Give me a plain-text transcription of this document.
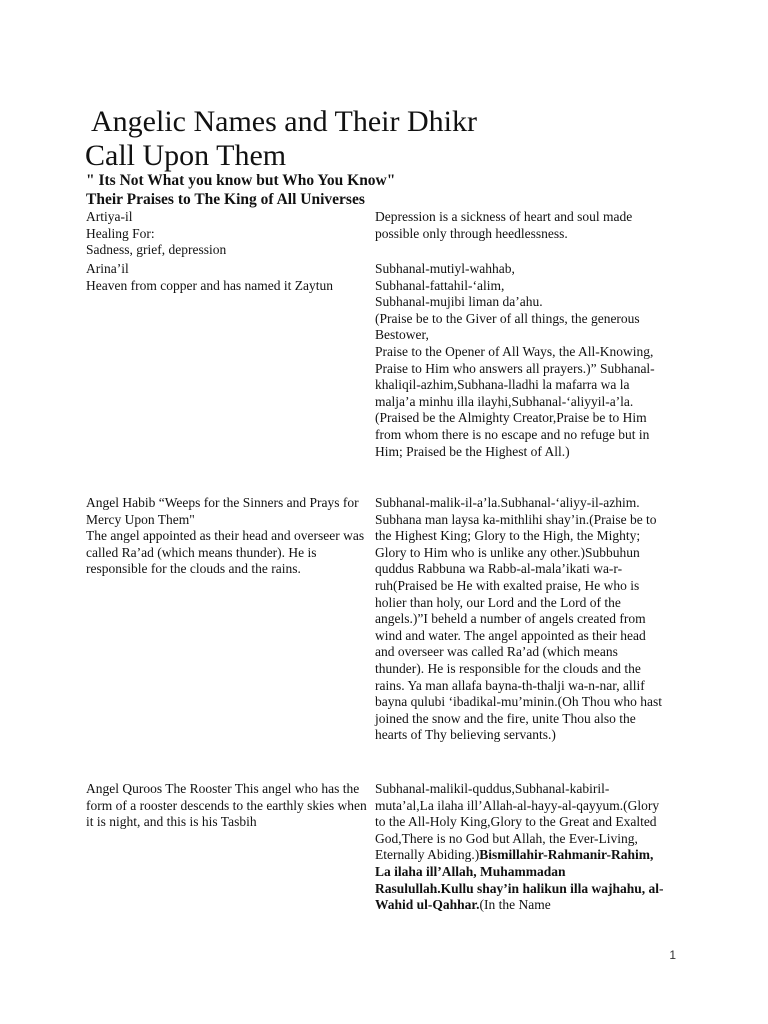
Angelic Names and Their Dhikr
Call Upon Them
" Its Not What you know but Who You Know"
Their Praises to The King of All Universes

Artiya-il

Healing For:

Sadness, grief, depression

Depression is a sickness of heart and soul made possible only through heedlessness.

Arina’il

Heaven from copper and has named it Zaytun

Subhanal-mutiyl-wahhab,

Subhanal-fattahil-‘alim,

Subhanal-mujibi liman da’ahu.

(Praise be to the Giver of all things, the generous Bestower,

Praise to the Opener of All Ways, the All-Knowing,

Praise to Him who answers all prayers.)” Subhanal-khaliqil-azhim,Subhana-lladhi la mafarra wa la malja’a minhu illa ilayhi,Subhanal-‘aliyyil-a’la.(Praised be the Almighty Creator,Praise be to Him from whom there is no escape and no refuge but in Him; Praised be the Highest of All.)

Angel Habib “Weeps for the Sinners and Prays for Mercy Upon Them"

The angel appointed as their head and overseer was called Ra’ad (which means thunder). He is responsible for the clouds and the rains.

Subhanal-malik-il-a’la.Subhanal-‘aliyy-il-azhim. Subhana man laysa ka-mithlihi shay’in.(Praise be to the Highest King; Glory to the High, the Mighty; Glory to Him who is unlike any other.)Subbuhun quddus Rabbuna wa Rabb-al-mala’ikati wa-r-ruh(Praised be He with exalted praise, He who is holier than holy, our Lord and the Lord of the angels.)”I beheld a number of angels created from wind and water. The angel appointed as their head and overseer was called Ra’ad (which means thunder). He is responsible for the clouds and the rains. Ya man allafa bayna-th-thalji wa-n-nar, allif bayna qulubi ‘ibadikal-mu’minin.(Oh Thou who hast joined the snow and the fire, unite Thou also the hearts of Thy believing servants.)

Angel Quroos The Rooster This angel who has the form of a rooster descends to the earthly skies when it is night, and this is his Tasbih

Subhanal-malikil-quddus,Subhanal-kabiril-muta’al,La ilaha ill’Allah-al-hayy-al-qayyum.(Glory to the All-Holy King,Glory to the Great and Exalted God,There is no God but Allah, the Ever-Living, Eternally Abiding.)Bismillahir-Rahmanir-Rahim, La ilaha ill’Allah, Muhammadan Rasulullah.Kullu shay’in halikun illa wajhahu, al-Wahid ul-Qahhar.(In the Name

1
